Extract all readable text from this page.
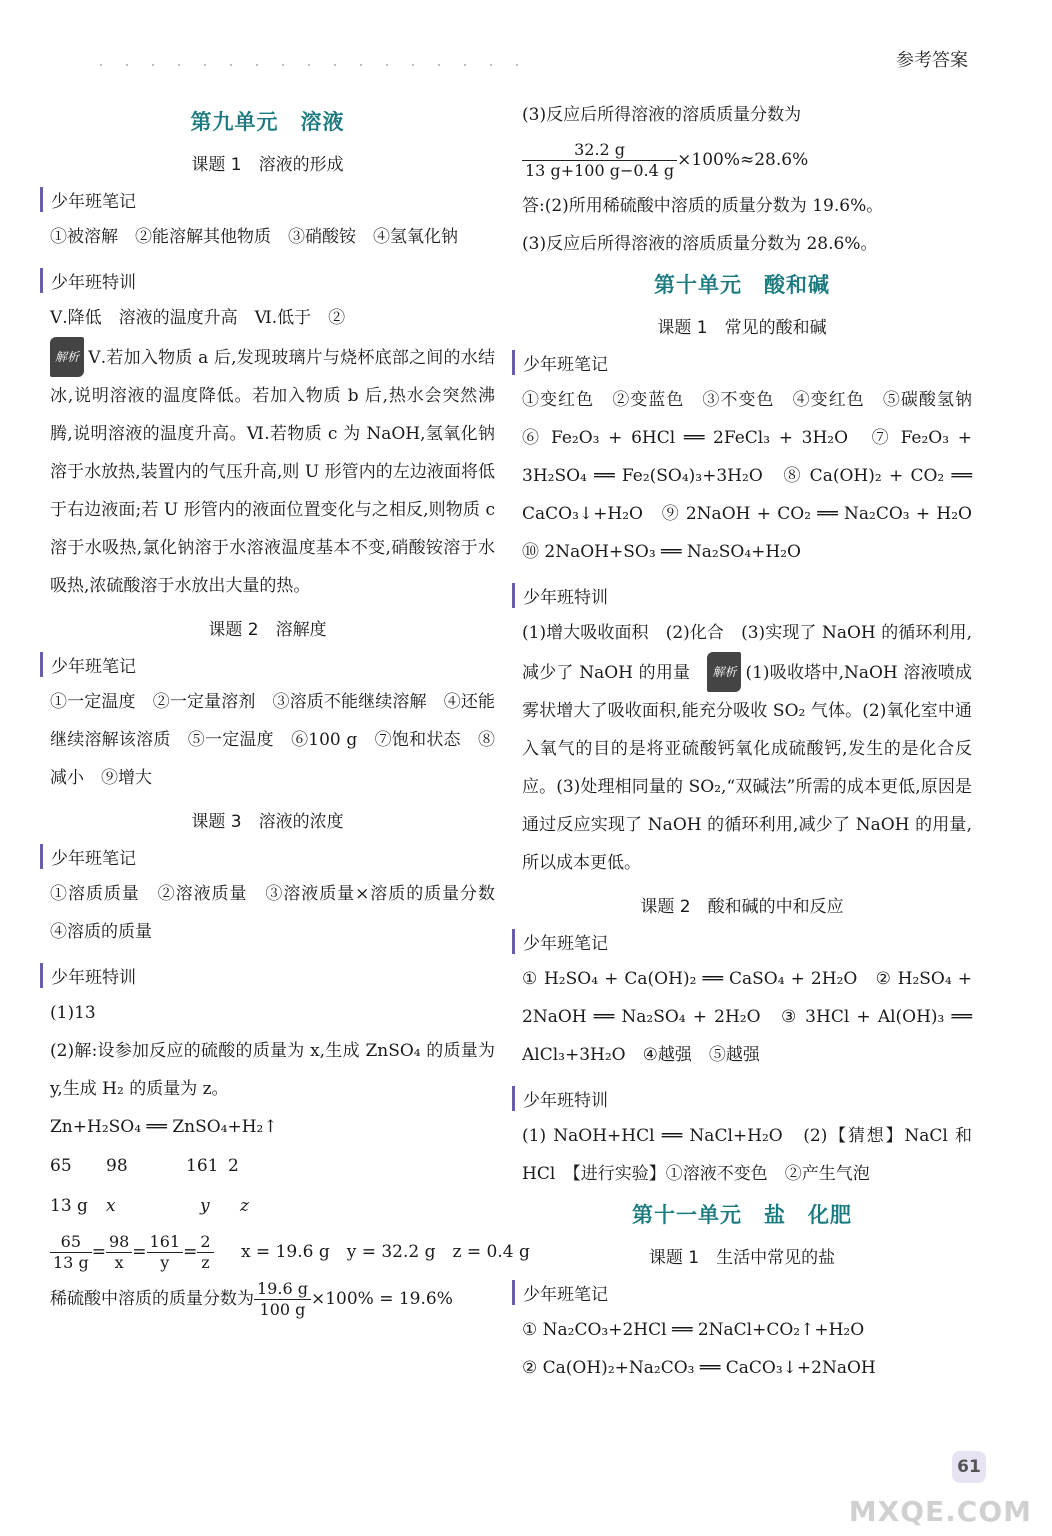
参考答案
第九单元　溶液
课题 1　溶液的形成
少年班笔记

①被溶解　②能溶解其他物质　③硝酸铵　④氢氧化钠

少年班特训

Ⅴ.降低　溶液的温度升高　Ⅵ.低于　②

解析 Ⅴ.若加入物质 a 后,发现玻璃片与烧杯底部之间的水结冰,说明溶液的温度降低。若加入物质 b 后,热水会突然沸腾,说明溶液的温度升高。Ⅵ.若物质 c 为 NaOH,氢氧化钠溶于水放热,装置内的气压升高,则 U 形管内的左边液面将低于右边液面;若 U 形管内的液面位置变化与之相反,则物质 c 溶于水吸热,氯化钠溶于水溶液温度基本不变,硝酸铵溶于水吸热,浓硫酸溶于水放出大量的热。

课题 2　溶解度
少年班笔记

①一定温度　②一定量溶剂　③溶质不能继续溶解　④还能继续溶解该溶质　⑤一定温度　⑥100 g　⑦饱和状态　⑧减小　⑨增大

课题 3　溶液的浓度
少年班笔记

①溶质质量　②溶液质量　③溶液质量×溶质的质量分数　④溶质的质量

少年班特训

(1)13

(2)解:设参加反应的硫酸的质量为 x,生成 ZnSO₄ 的质量为 y,生成 H₂ 的质量为 z。

Zn+H₂SO₄ ══ ZnSO₄+H₂↑
65	98	161 2
13 g	x	y	z
$\frac{65}{13 g} = \frac{98}{x} = \frac{161}{y} = \frac{2}{z}$ x = 19.6 g　y = 32.2 g　z = 0.4 g
稀硫酸中溶质的质量分数为 $\frac{19.6 g}{100 g} \times 100\% = 19.6\%$

(3)反应后所得溶液的溶质质量分数为

$\frac{32.2 g}{13 g+100 g-0.4 g} \times 100\%\approx 28.6\%$

答:(2)所用稀硫酸中溶质的质量分数为 19.6%。

(3)反应后所得溶液的溶质质量分数为 28.6%。

第十单元　酸和碱
课题 1　常见的酸和碱
少年班笔记

①变红色　②变蓝色　③不变色　④变红色　⑤碳酸氢钠　⑥ Fe₂O₃ + 6HCl ══ 2FeCl₃ + 3H₂O　⑦ Fe₂O₃ + 3H₂SO₄ ══ Fe₂(SO₄)₃+3H₂O　⑧ Ca(OH)₂ + CO₂ ══ CaCO₃↓+H₂O　⑨ 2NaOH + CO₂ ══ Na₂CO₃ + H₂O　⑩ 2NaOH+SO₃ ══ Na₂SO₄+H₂O

少年班特训

(1)增大吸收面积　(2)化合　(3)实现了 NaOH 的循环利用,减少了 NaOH 的用量　 解析 (1)吸收塔中,NaOH 溶液喷成雾状增大了吸收面积,能充分吸收 SO₂ 气体。(2)氧化室中通入氧气的目的是将亚硫酸钙氧化成硫酸钙,发生的是化合反应。(3)处理相同量的 SO₂,“双碱法”所需的成本更低,原因是通过反应实现了 NaOH 的循环利用,减少了 NaOH 的用量,所以成本更低。

课题 2　酸和碱的中和反应
少年班笔记

① H₂SO₄ + Ca(OH)₂ ══ CaSO₄ + 2H₂O　② H₂SO₄ + 2NaOH ══ Na₂SO₄ + 2H₂O　③ 3HCl + Al(OH)₃ ══ AlCl₃+3H₂O　④越强　⑤越强

少年班特训

(1) NaOH+HCl ══ NaCl+H₂O　(2)【猜想】NaCl 和 HCl　【进行实验】①溶液不变色　②产生气泡

第十一单元　盐　化肥
课题 1　生活中常见的盐
少年班笔记

① Na₂CO₃+2HCl ══ 2NaCl+CO₂↑+H₂O

② Ca(OH)₂+Na₂CO₃ ══ CaCO₃↓+2NaOH

61
MXQE.COM
